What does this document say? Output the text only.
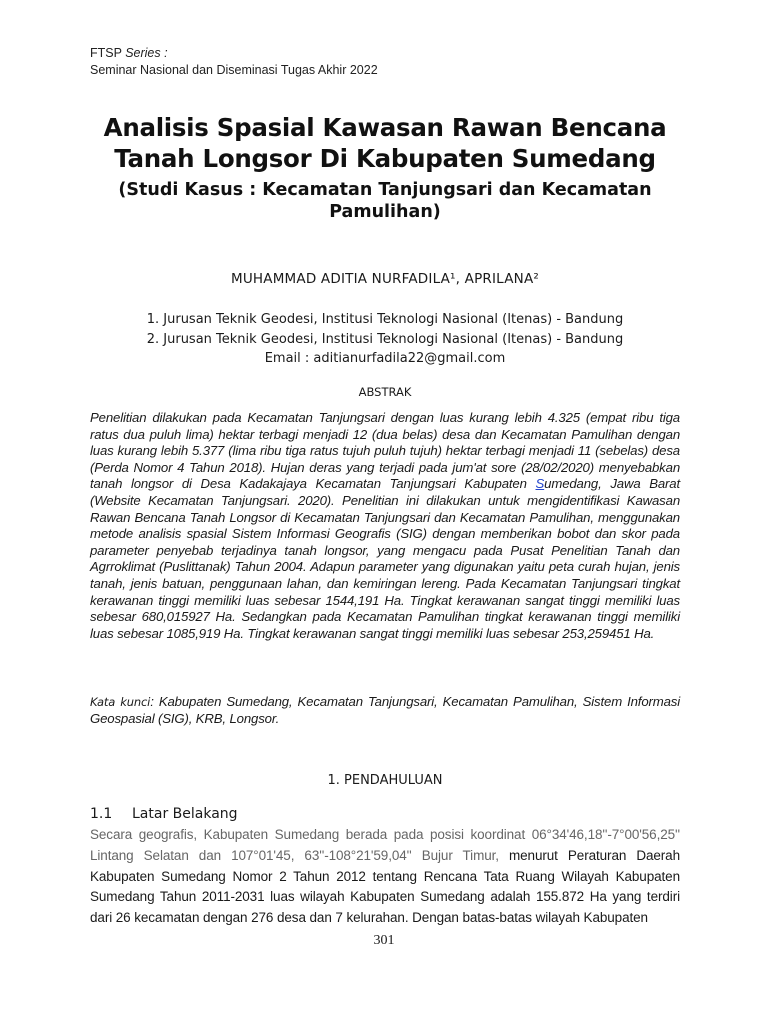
FTSP Series :
Seminar Nasional dan Diseminasi Tugas Akhir 2022
Analisis Spasial Kawasan Rawan Bencana
Tanah Longsor Di Kabupaten Sumedang
(Studi Kasus : Kecamatan Tanjungsari dan Kecamatan Pamulihan)
MUHAMMAD ADITIA NURFADILA¹, APRILANA²
1. Jurusan Teknik Geodesi, Institusi Teknologi Nasional (Itenas) - Bandung
2. Jurusan Teknik Geodesi, Institusi Teknologi Nasional (Itenas) - Bandung
Email : aditianurfadila22@gmail.com
ABSTRAK
Penelitian dilakukan pada Kecamatan Tanjungsari dengan luas kurang lebih 4.325 (empat ribu tiga ratus dua puluh lima) hektar terbagi menjadi 12 (dua belas) desa dan Kecamatan Pamulihan dengan luas kurang lebih 5.377 (lima ribu tiga ratus tujuh puluh tujuh) hektar terbagi menjadi 11 (sebelas) desa (Perda Nomor 4 Tahun 2018). Hujan deras yang terjadi pada jum'at sore (28/02/2020) menyebabkan tanah longsor di Desa Kadakajaya Kecamatan Tanjungsari Kabupaten Sumedang, Jawa Barat (Website Kecamatan Tanjungsari. 2020). Penelitian ini dilakukan untuk mengidentifikasi Kawasan Rawan Bencana Tanah Longsor di Kecamatan Tanjungsari dan Kecamatan Pamulihan, menggunakan metode analisis spasial Sistem Informasi Geografis (SIG) dengan memberikan bobot dan skor pada parameter penyebab terjadinya tanah longsor, yang mengacu pada Pusat Penelitian Tanah dan Agrroklimat (Puslittanak) Tahun 2004. Adapun parameter yang digunakan yaitu peta curah hujan, jenis tanah, jenis batuan, penggunaan lahan, dan kemiringan lereng. Pada Kecamatan Tanjungsari tingkat kerawanan tinggi memiliki luas sebesar 1544,191 Ha. Tingkat kerawanan sangat tinggi memiliki luas sebesar 680,015927 Ha. Sedangkan pada Kecamatan Pamulihan tingkat kerawanan tinggi memiliki luas sebesar 1085,919 Ha. Tingkat kerawanan sangat tinggi memiliki luas sebesar 253,259451 Ha.
Kata kunci: Kabupaten Sumedang, Kecamatan Tanjungsari, Kecamatan Pamulihan, Sistem Informasi Geospasial (SIG), KRB, Longsor.
1. PENDAHULUAN
1.1 Latar Belakang
Secara geografis, Kabupaten Sumedang berada pada posisi koordinat 06°34'46,18''-7°00'56,25'' Lintang Selatan dan 107°01'45, 63''-108°21'59,04'' Bujur Timur, menurut Peraturan Daerah Kabupaten Sumedang Nomor 2 Tahun 2012 tentang Rencana Tata Ruang Wilayah Kabupaten Sumedang Tahun 2011-2031 luas wilayah Kabupaten Sumedang adalah 155.872 Ha yang terdiri dari 26 kecamatan dengan 276 desa dan 7 kelurahan. Dengan batas-batas wilayah Kabupaten
301
